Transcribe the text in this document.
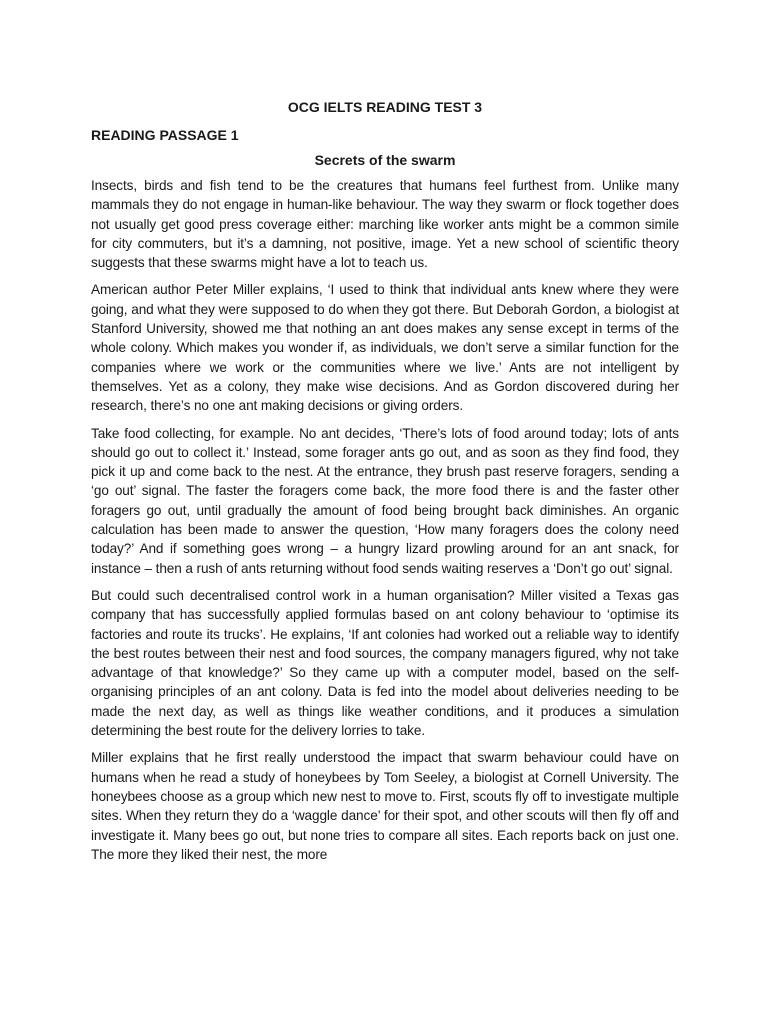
OCG IELTS READING TEST 3
READING PASSAGE 1
Secrets of the swarm

Insects, birds and fish tend to be the creatures that humans feel furthest from. Unlike many mammals they do not engage in human-like behaviour. The way they swarm or flock together does not usually get good press coverage either: marching like worker ants might be a common simile for city commuters, but it’s a damning, not positive, image. Yet a new school of scientific theory suggests that these swarms might have a lot to teach us.

American author Peter Miller explains, ‘I used to think that individual ants knew where they were going, and what they were supposed to do when they got there. But Deborah Gordon, a biologist at Stanford University, showed me that nothing an ant does makes any sense except in terms of the whole colony. Which makes you wonder if, as individuals, we don’t serve a similar function for the companies where we work or the communities where we live.’ Ants are not intelligent by themselves. Yet as a colony, they make wise decisions. And as Gordon discovered during her research, there’s no one ant making decisions or giving orders.

Take food collecting, for example. No ant decides, ‘There’s lots of food around today; lots of ants should go out to collect it.’ Instead, some forager ants go out, and as soon as they find food, they pick it up and come back to the nest. At the entrance, they brush past reserve foragers, sending a ‘go out’ signal. The faster the foragers come back, the more food there is and the faster other foragers go out, until gradually the amount of food being brought back diminishes. An organic calculation has been made to answer the question, ‘How many foragers does the colony need today?’ And if something goes wrong – a hungry lizard prowling around for an ant snack, for instance – then a rush of ants returning without food sends waiting reserves a ‘Don’t go out’ signal.

But could such decentralised control work in a human organisation? Miller visited a Texas gas company that has successfully applied formulas based on ant colony behaviour to ‘optimise its factories and route its trucks’. He explains, ‘If ant colonies had worked out a reliable way to identify the best routes between their nest and food sources, the company managers figured, why not take advantage of that knowledge?’ So they came up with a computer model, based on the self-organising principles of an ant colony. Data is fed into the model about deliveries needing to be made the next day, as well as things like weather conditions, and it produces a simulation determining the best route for the delivery lorries to take.

Miller explains that he first really understood the impact that swarm behaviour could have on humans when he read a study of honeybees by Tom Seeley, a biologist at Cornell University. The honeybees choose as a group which new nest to move to. First, scouts fly off to investigate multiple sites. When they return they do a ‘waggle dance’ for their spot, and other scouts will then fly off and investigate it. Many bees go out, but none tries to compare all sites. Each reports back on just one. The more they liked their nest, the more
